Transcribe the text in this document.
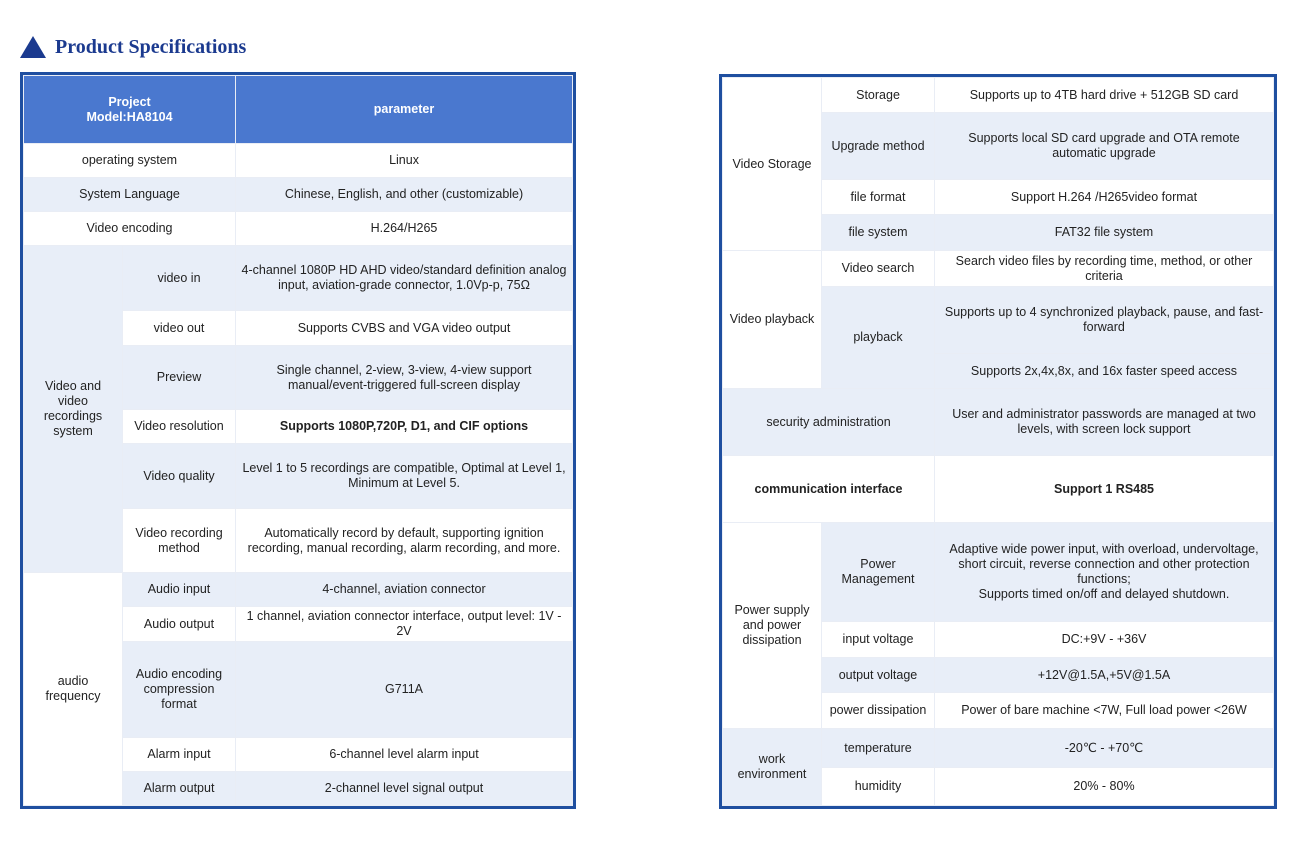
Product Specifications
Project
Model:HA8104		parameter
operating system		Linux
System Language		Chinese, English, and other (customizable)
Video encoding		H.264/H265
Video and video recordings system	video in	4-channel 1080P HD AHD video/standard definition analog input, aviation-grade connector, 1.0Vp-p, 75Ω
	video out	Supports CVBS and VGA video output
	Preview	Single channel, 2-view, 3-view, 4-view support manual/event-triggered full-screen display
	Video resolution	Supports 1080P,720P, D1, and CIF options
	Video quality	Level 1 to 5 recordings are compatible, Optimal at Level 1, Minimum at Level 5.
	Video recording method	Automatically record by default, supporting ignition recording, manual recording, alarm recording, and more.
audio frequency	Audio input	4-channel, aviation connector
	Audio output	1 channel, aviation connector interface, output level: 1V - 2V
	Audio encoding compression format	G711A
	Alarm input	6-channel level alarm input
	Alarm output	2-channel level signal output
Video Storage	Storage	Supports up to 4TB hard drive + 512GB SD card
	Upgrade method	Supports local SD card upgrade and OTA remote automatic upgrade
	file format	Support H.264 /H265video format
	file system	FAT32 file system
Video playback	Video search	Search video files by recording time, method, or other criteria
	playback	Supports up to 4 synchronized playback, pause, and fast-forward
		Supports 2x,4x,8x, and 16x faster speed access
security administration		User and administrator passwords are managed at two levels, with screen lock support
communication interface		Support 1 RS485
Power supply and power dissipation	Power Management	Adaptive wide power input, with overload, undervoltage, short circuit, reverse connection and other protection functions;
Supports timed on/off and delayed shutdown.
	input voltage	DC:+9V - +36V
	output voltage	+12V@1.5A,+5V@1.5A
	power dissipation	Power of bare machine <7W, Full load power <26W
work environment	temperature	-20℃ - +70℃
	humidity	20% - 80%
